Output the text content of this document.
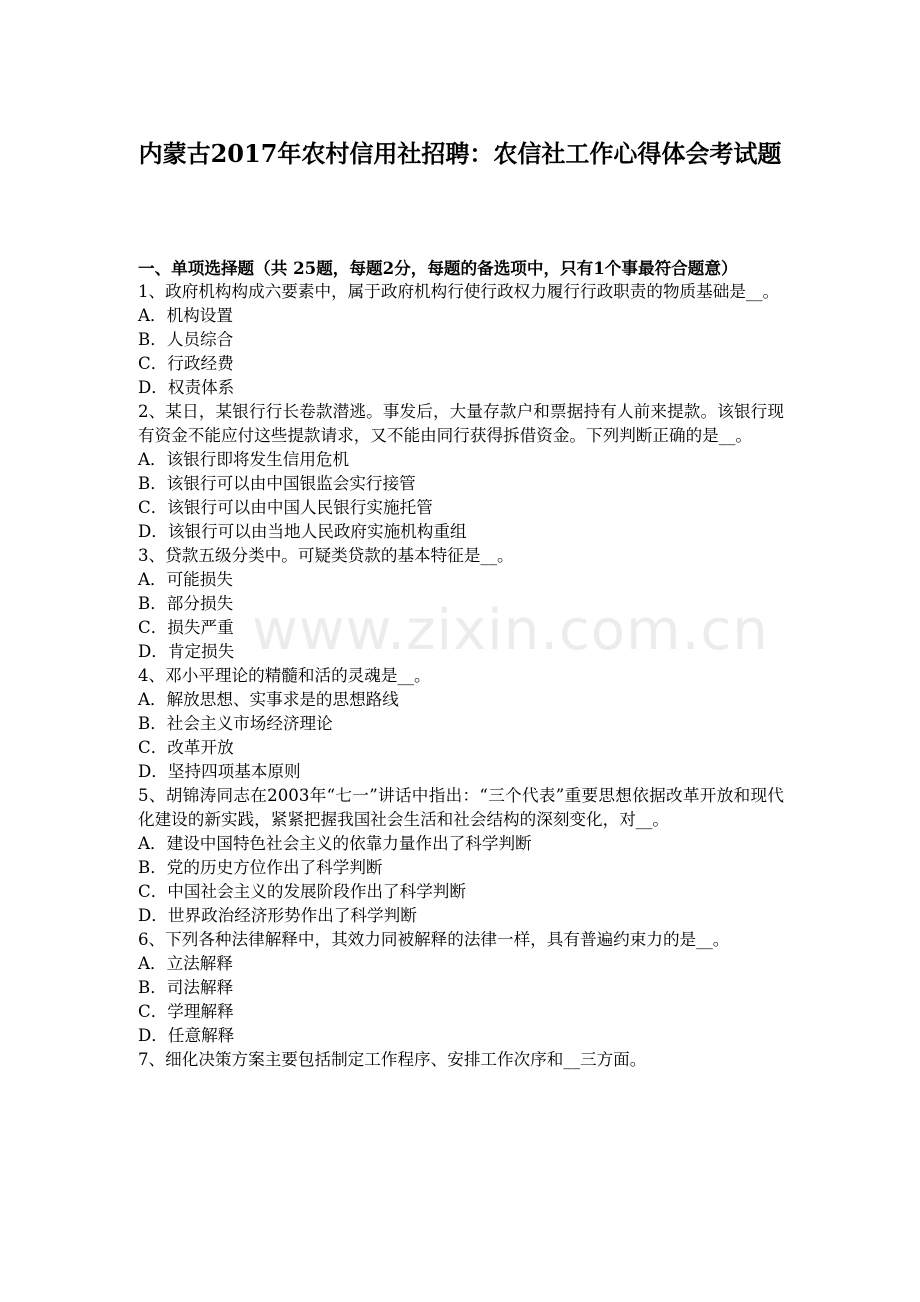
www.zixin.com.cn
内蒙古2017年农村信用社招聘：农信社工作心得体会考试题
一、单项选择题（共 25题，每题2分，每题的备选项中，只有1个事最符合题意）
1、政府机构构成六要素中，属于政府机构行使行政权力履行行政职责的物质基础是__。
A．机构设置
B．人员综合
C．行政经费
D．权责体系
2、某日，某银行行长卷款潜逃。事发后，大量存款户和票据持有人前来提款。该银行现有资金不能应付这些提款请求，又不能由同行获得拆借资金。下列判断正确的是__。
A．该银行即将发生信用危机
B．该银行可以由中国银监会实行接管
C．该银行可以由中国人民银行实施托管
D．该银行可以由当地人民政府实施机构重组
3、贷款五级分类中。可疑类贷款的基本特征是__。
A．可能损失
B．部分损失
C．损失严重
D．肯定损失
4、邓小平理论的精髓和活的灵魂是__。
A．解放思想、实事求是的思想路线
B．社会主义市场经济理论
C．改革开放
D．坚持四项基本原则
5、胡锦涛同志在2003年“七一”讲话中指出：“三个代表”重要思想依据改革开放和现代化建设的新实践，紧紧把握我国社会生活和社会结构的深刻变化，对__。
A．建设中国特色社会主义的依靠力量作出了科学判断
B．党的历史方位作出了科学判断
C．中国社会主义的发展阶段作出了科学判断
D．世界政治经济形势作出了科学判断
6、下列各种法律解释中，其效力同被解释的法律一样，具有普遍约束力的是__。
A．立法解释
B．司法解释
C．学理解释
D．任意解释
7、细化决策方案主要包括制定工作程序、安排工作次序和__三方面。
